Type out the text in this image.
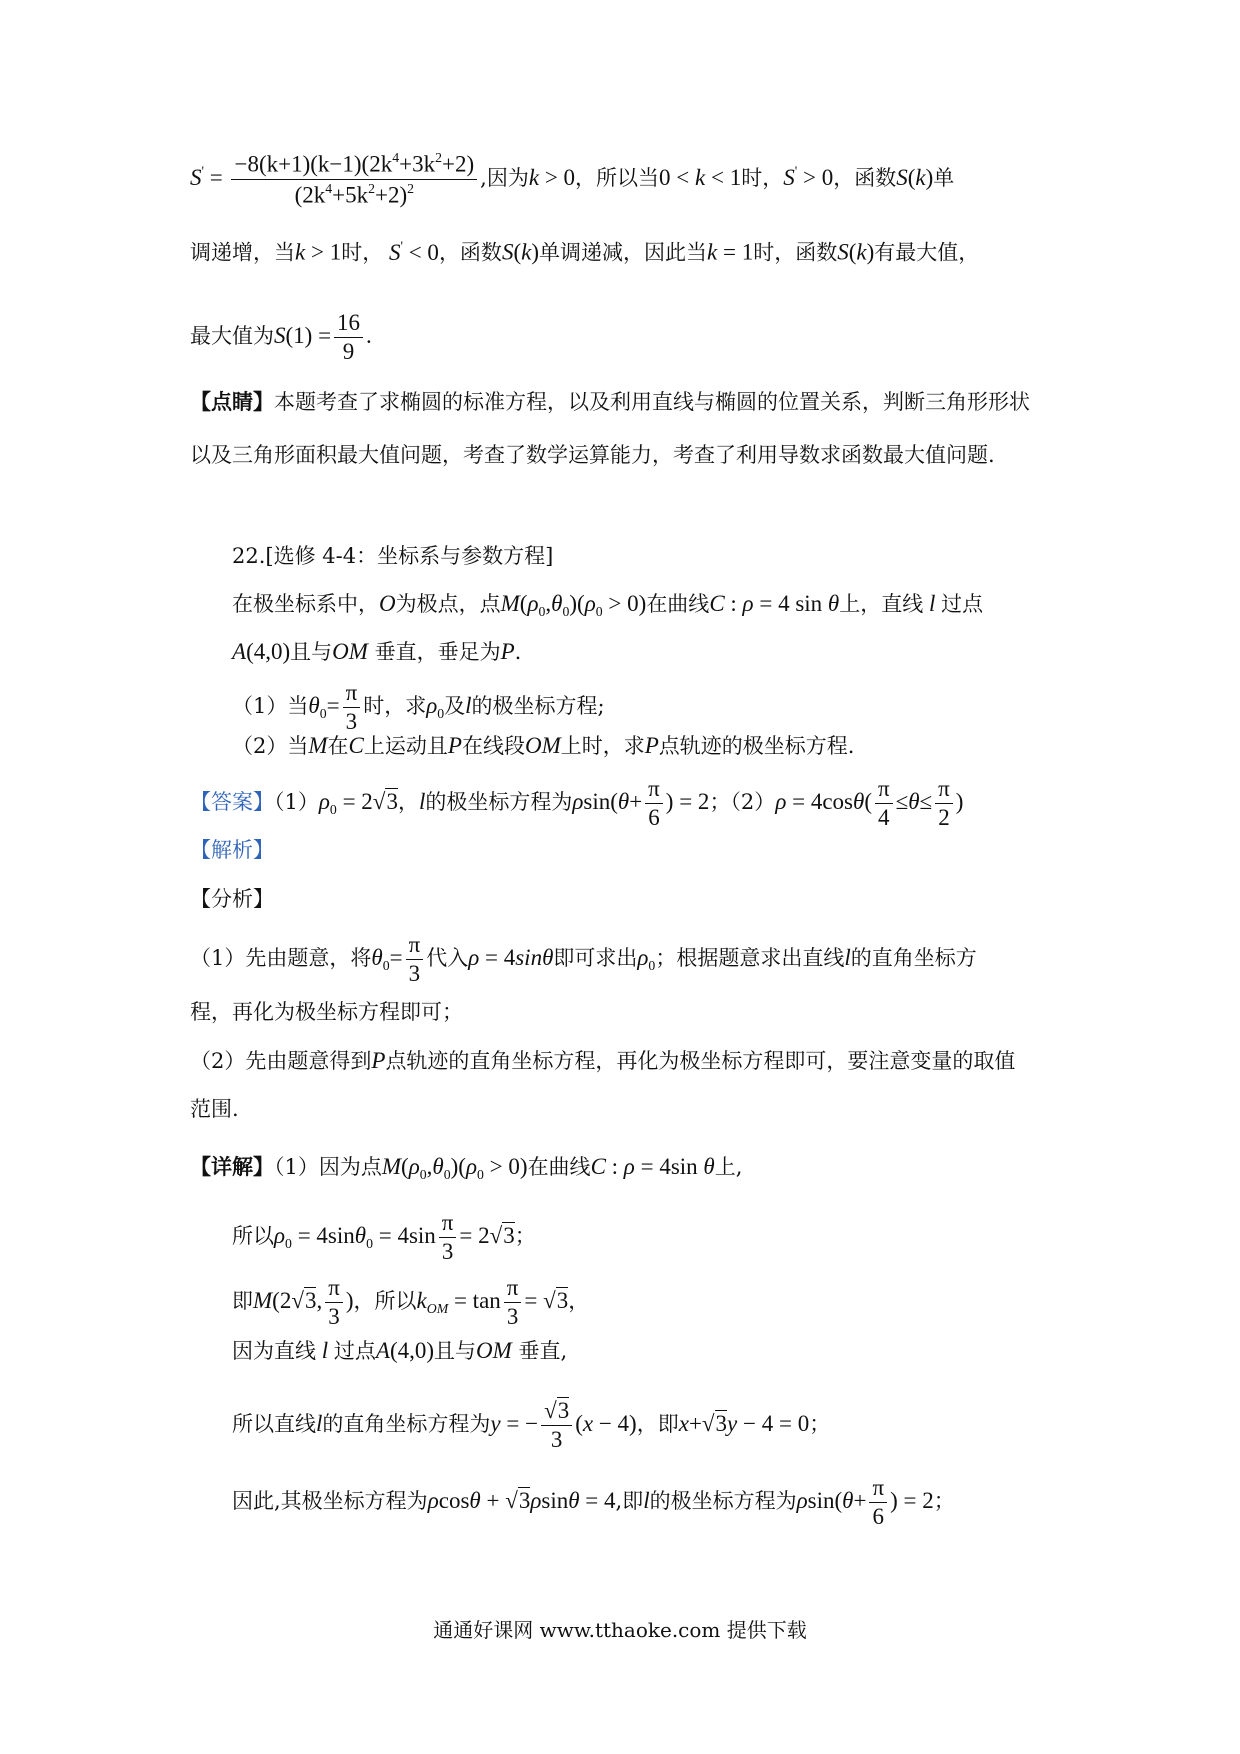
$S' = \frac{-8(k+1)(k-1)(2k^4+3k^2+2)}{(2k^4+5k^2+2)^2}$ ,因为k > 0，所以当0 < k < 1时，S' > 0，函数S(k)单
调递增，当k > 1时， S' < 0，函数S(k)单调递减，因此当k = 1时，函数S(k)有最大值，
最大值为$S(1) = \frac{16}{9}$ .
【点睛】本题考查了求椭圆的标准方程，以及利用直线与椭圆的位置关系，判断三角形形状
以及三角形面积最大值问题，考查了数学运算能力，考查了利用导数求函数最大值问题.
22.[选修 4-4：坐标系与参数方程]
在极坐标系中，O为极点，点$M(\rho_0,\theta_0)(\rho_0 > 0)$在曲线C : ρ = 4 sin θ上，直线 l 过点
A(4,0)且与OM 垂直，垂足为P.
（1）当$\theta_0= \frac{\pi}{3}$ 时，求$\rho_0$及l的极坐标方程;
（2）当M在C上运动且P在线段OM上时，求P点轨迹的极坐标方程.
【答案】$(1)\rho_0 = 2√3$，l的极坐标方程为$\rho\sin(\theta+ \frac{\pi}{6}$ ) = 2；$(2)\rho = 4\cos\theta( \frac{\pi}{4} \le\theta\le \frac{\pi}{2}$ )
【解析】
【分析】
（1）先由题意，将$\theta_0= \frac{\pi}{3}$ 代入ρ = 4sinθ即可求出$\rho_0$；根据题意求出直线l的直角坐标方
程，再化为极坐标方程即可；
（2）先由题意得到P点轨迹的直角坐标方程，再化为极坐标方程即可，要注意变量的取值
范围.
【详解】（1）因为点$M(\rho_0,\theta_0)(\rho_0 > 0)$在曲线C : ρ = 4sin θ上,
所以$\rho_0 = 4\sin\theta_0 = 4\sin \frac{\pi}{3} = 2√3$；
即M(2√3, $\frac{\pi}{3}$ )，所以$k_{OM} = \tan \frac{\pi}{3} = √3$，
因为直线 l 过点A(4,0)且与OM 垂直,
所以直线l的直角坐标方程为y = − $\frac{√3}{3} (x - 4)$，即x+√3y − 4 = 0；
因此,其极坐标方程为ρcosθ + √3ρsinθ = 4,即l的极坐标方程为$\rho\sin(\theta+ \frac{\pi}{6}$ ) = 2；
通通好课网 www.tthaoke.com 提供下载
